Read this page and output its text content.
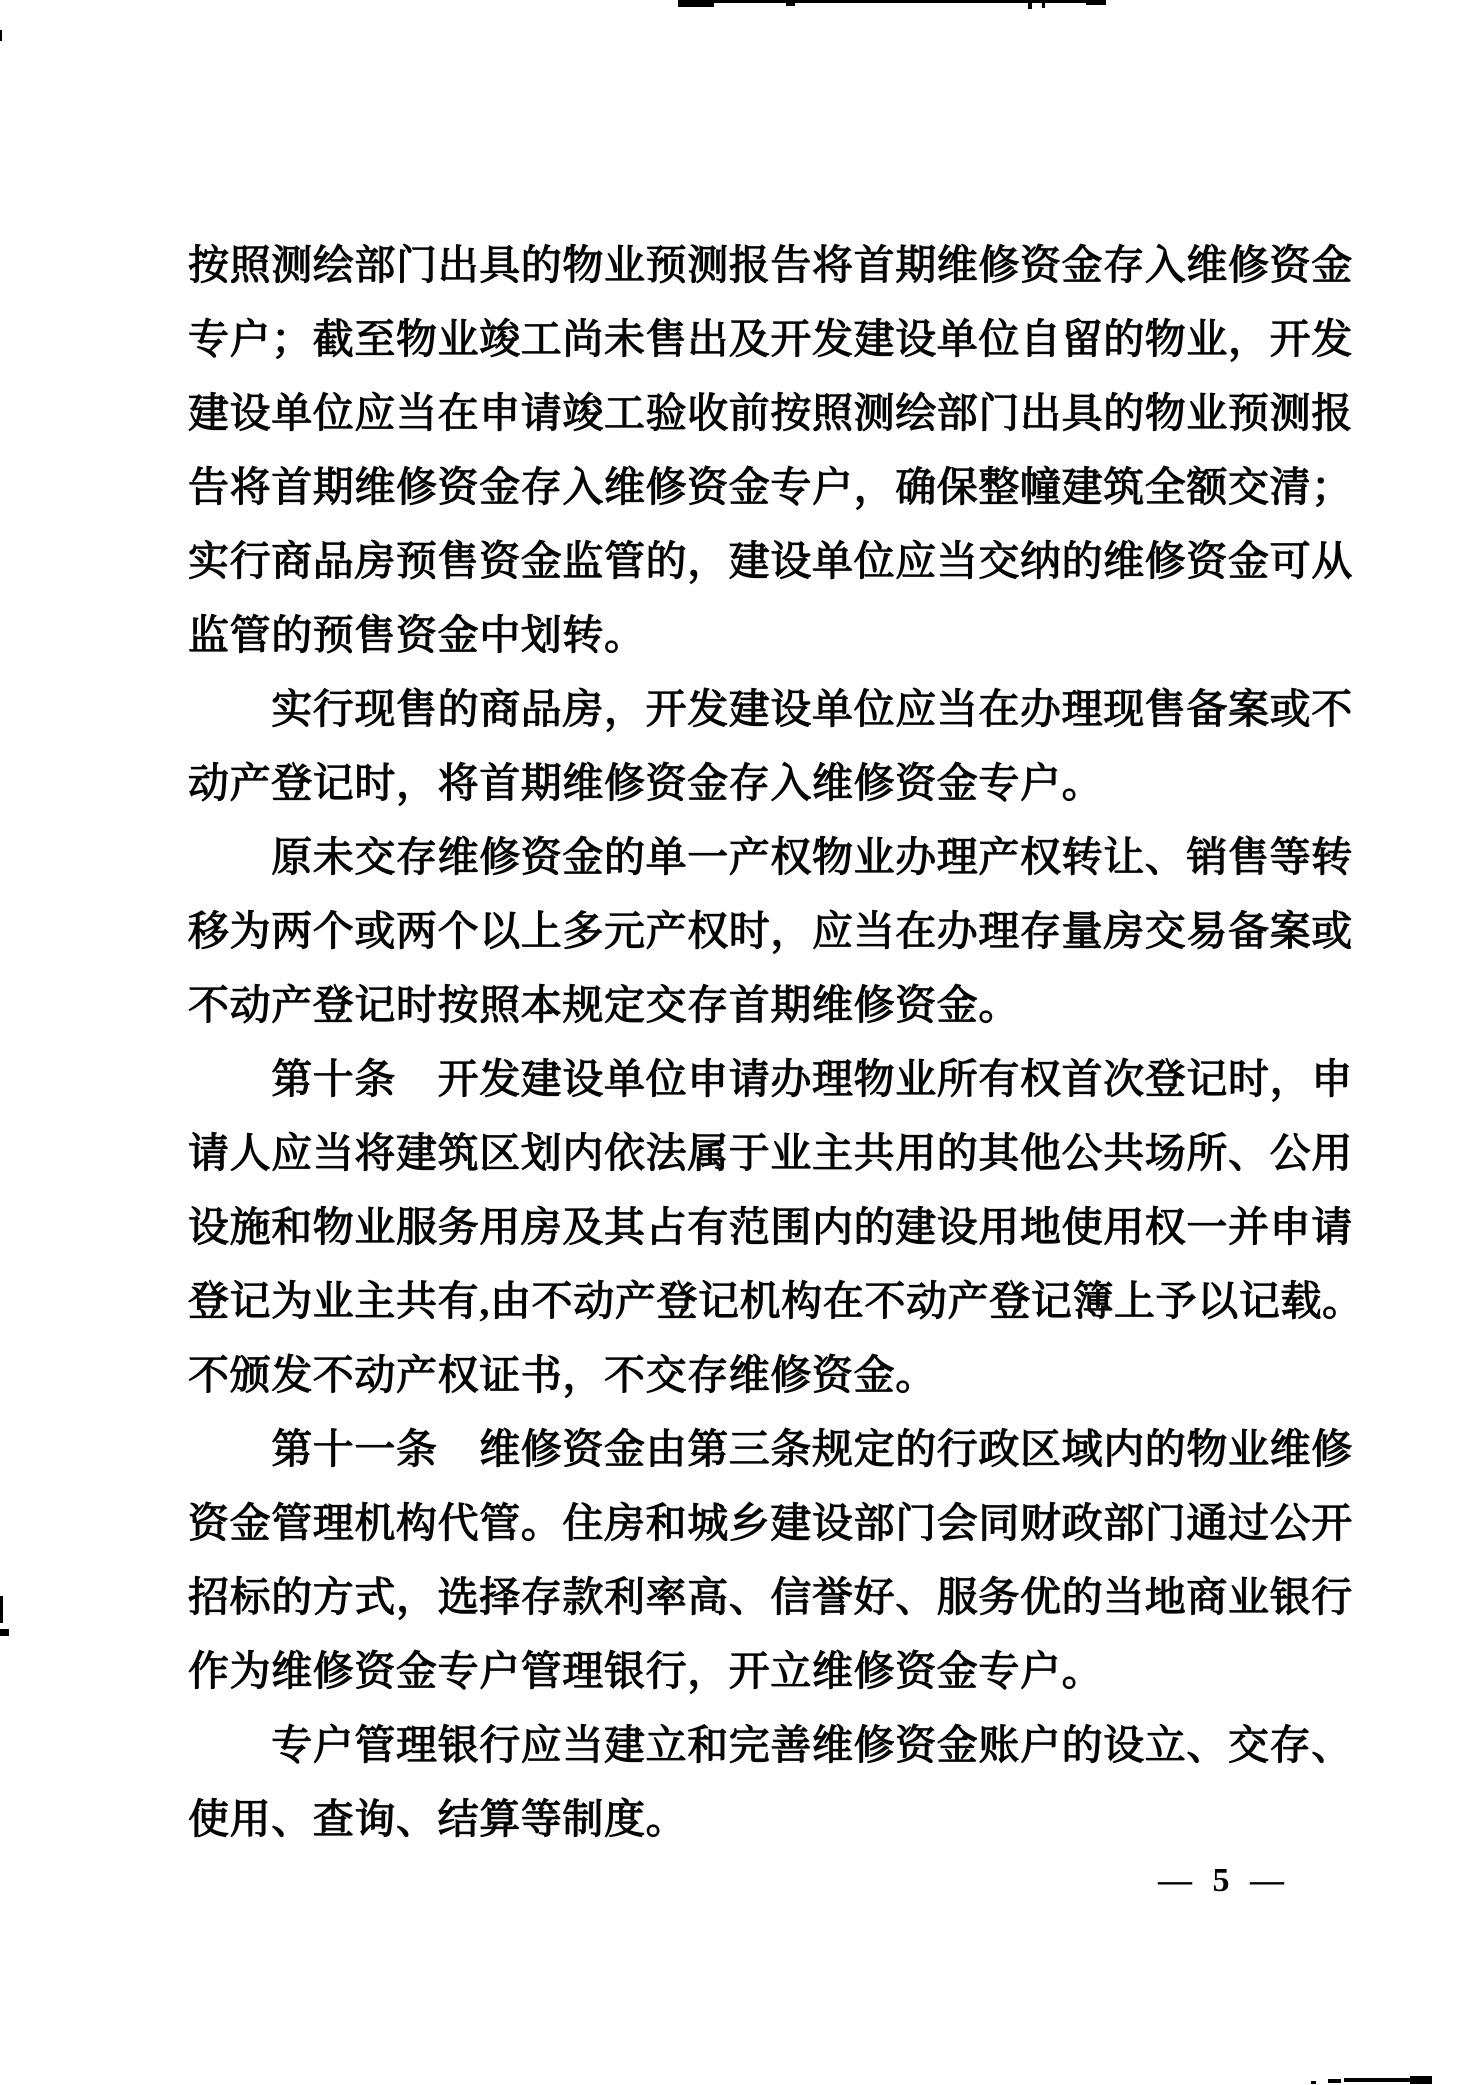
按照测绘部门出具的物业预测报告将首期维修资金存入维修资金
专户；截至物业竣工尚未售出及开发建设单位自留的物业，开发
建设单位应当在申请竣工验收前按照测绘部门出具的物业预测报
告将首期维修资金存入维修资金专户，确保整幢建筑全额交清；
实行商品房预售资金监管的，建设单位应当交纳的维修资金可从
监管的预售资金中划转。
　　实行现售的商品房，开发建设单位应当在办理现售备案或不
动产登记时，将首期维修资金存入维修资金专户。
　　原未交存维修资金的单一产权物业办理产权转让、销售等转
移为两个或两个以上多元产权时，应当在办理存量房交易备案或
不动产登记时按照本规定交存首期维修资金。
　　第十条　开发建设单位申请办理物业所有权首次登记时，申
请人应当将建筑区划内依法属于业主共用的其他公共场所、公用
设施和物业服务用房及其占有范围内的建设用地使用权一并申请
登记为业主共有,由不动产登记机构在不动产登记簿上予以记载。
不颁发不动产权证书，不交存维修资金。
　　第十一条　维修资金由第三条规定的行政区域内的物业维修
资金管理机构代管。住房和城乡建设部门会同财政部门通过公开
招标的方式，选择存款利率高、信誉好、服务优的当地商业银行
作为维修资金专户管理银行，开立维修资金专户。
　　专户管理银行应当建立和完善维修资金账户的设立、交存、
使用、查询、结算等制度。
— 5 —
